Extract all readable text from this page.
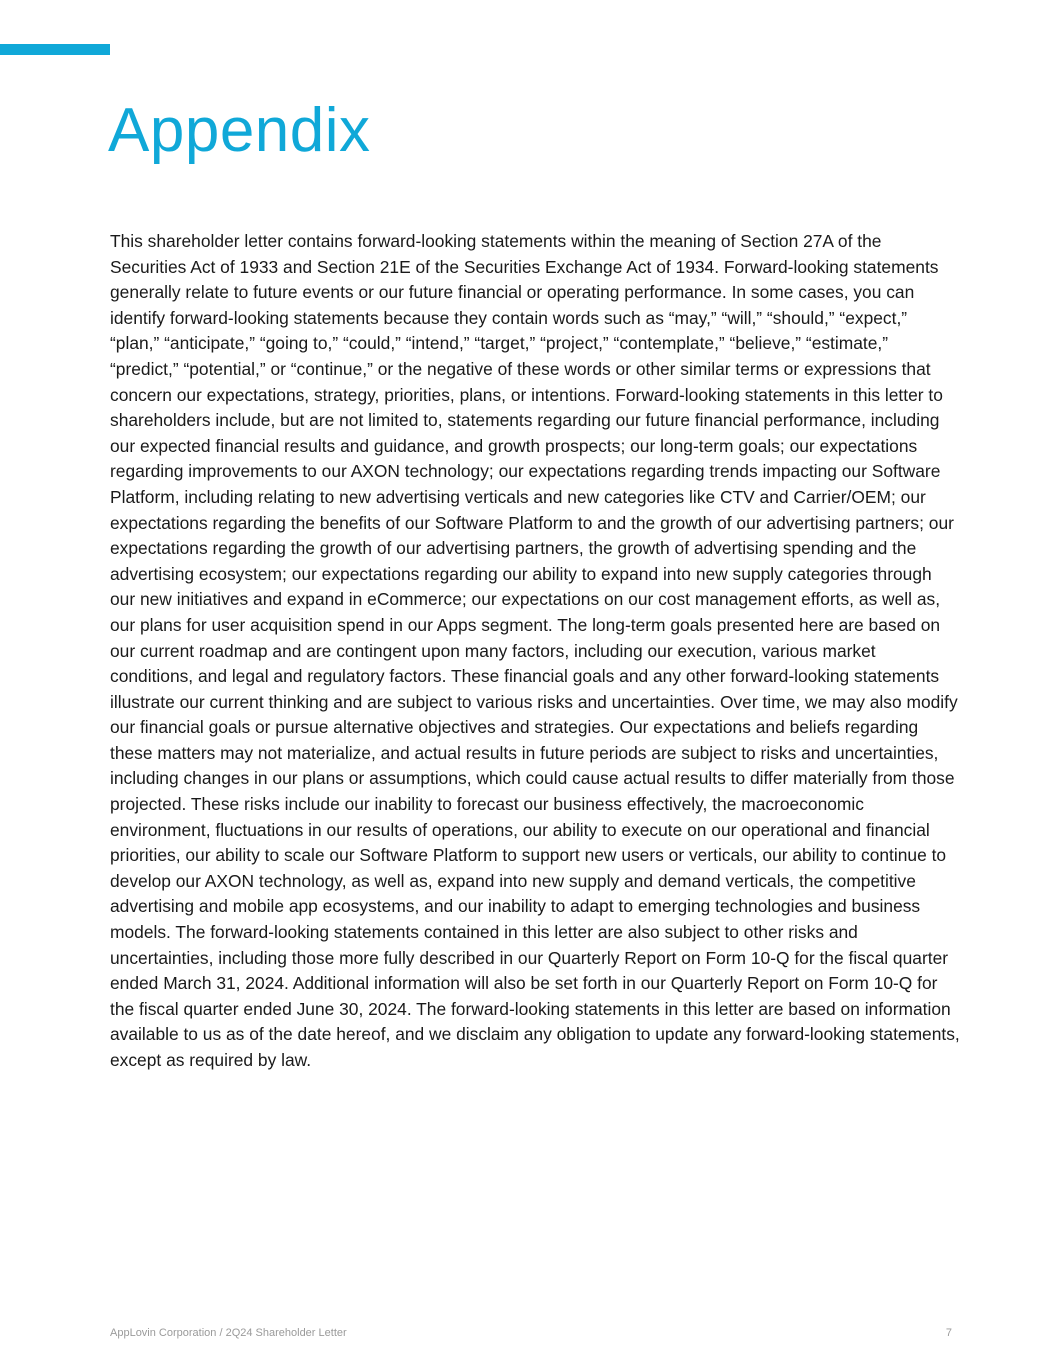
Appendix

This shareholder letter contains forward-looking statements within the meaning of Section 27A of the Securities Act of 1933 and Section 21E of the Securities Exchange Act of 1934. Forward-looking statements generally relate to future events or our future financial or operating performance. In some cases, you can identify forward-looking statements because they contain words such as “may,” “will,” “should,” “expect,” “plan,” “anticipate,” “going to,” “could,” “intend,” “target,” “project,” “contemplate,” “believe,” “estimate,” “predict,” “potential,” or “continue,” or the negative of these words or other similar terms or expressions that concern our expectations, strategy, priorities, plans, or intentions. Forward-looking statements in this letter to shareholders include, but are not limited to, statements regarding our future financial performance, including our expected financial results and guidance, and growth prospects; our long-term goals; our expectations regarding improvements to our AXON technology; our expectations regarding trends impacting our Software Platform, including relating to new advertising verticals and new categories like CTV and Carrier/OEM; our expectations regarding the benefits of our Software Platform to and the growth of our advertising partners; our expectations regarding the growth of our advertising partners, the growth of advertising spending and the advertising ecosystem; our expectations regarding our ability to expand into new supply categories through our new initiatives and expand in eCommerce; our expectations on our cost management efforts, as well as, our plans for user acquisition spend in our Apps segment. The long-term goals presented here are based on our current roadmap and are contingent upon many factors, including our execution, various market conditions, and legal and regulatory factors. These financial goals and any other forward-looking statements illustrate our current thinking and are subject to various risks and uncertainties. Over time, we may also modify our financial goals or pursue alternative objectives and strategies. Our expectations and beliefs regarding these matters may not materialize, and actual results in future periods are subject to risks and uncertainties, including changes in our plans or assumptions, which could cause actual results to differ materially from those projected. These risks include our inability to forecast our business effectively, the macroeconomic environment, fluctuations in our results of operations, our ability to execute on our operational and financial priorities, our ability to scale our Software Platform to support new users or verticals, our ability to continue to develop our AXON technology, as well as, expand into new supply and demand verticals, the competitive advertising and mobile app ecosystems, and our inability to adapt to emerging technologies and business models. The forward-looking statements contained in this letter are also subject to other risks and uncertainties, including those more fully described in our Quarterly Report on Form 10-Q for the fiscal quarter ended March 31, 2024. Additional information will also be set forth in our Quarterly Report on Form 10-Q for the fiscal quarter ended June 30, 2024. The forward-looking statements in this letter are based on information available to us as of the date hereof, and we disclaim any obligation to update any forward-looking statements, except as required by law.

AppLovin Corporation / 2Q24 Shareholder Letter	7
